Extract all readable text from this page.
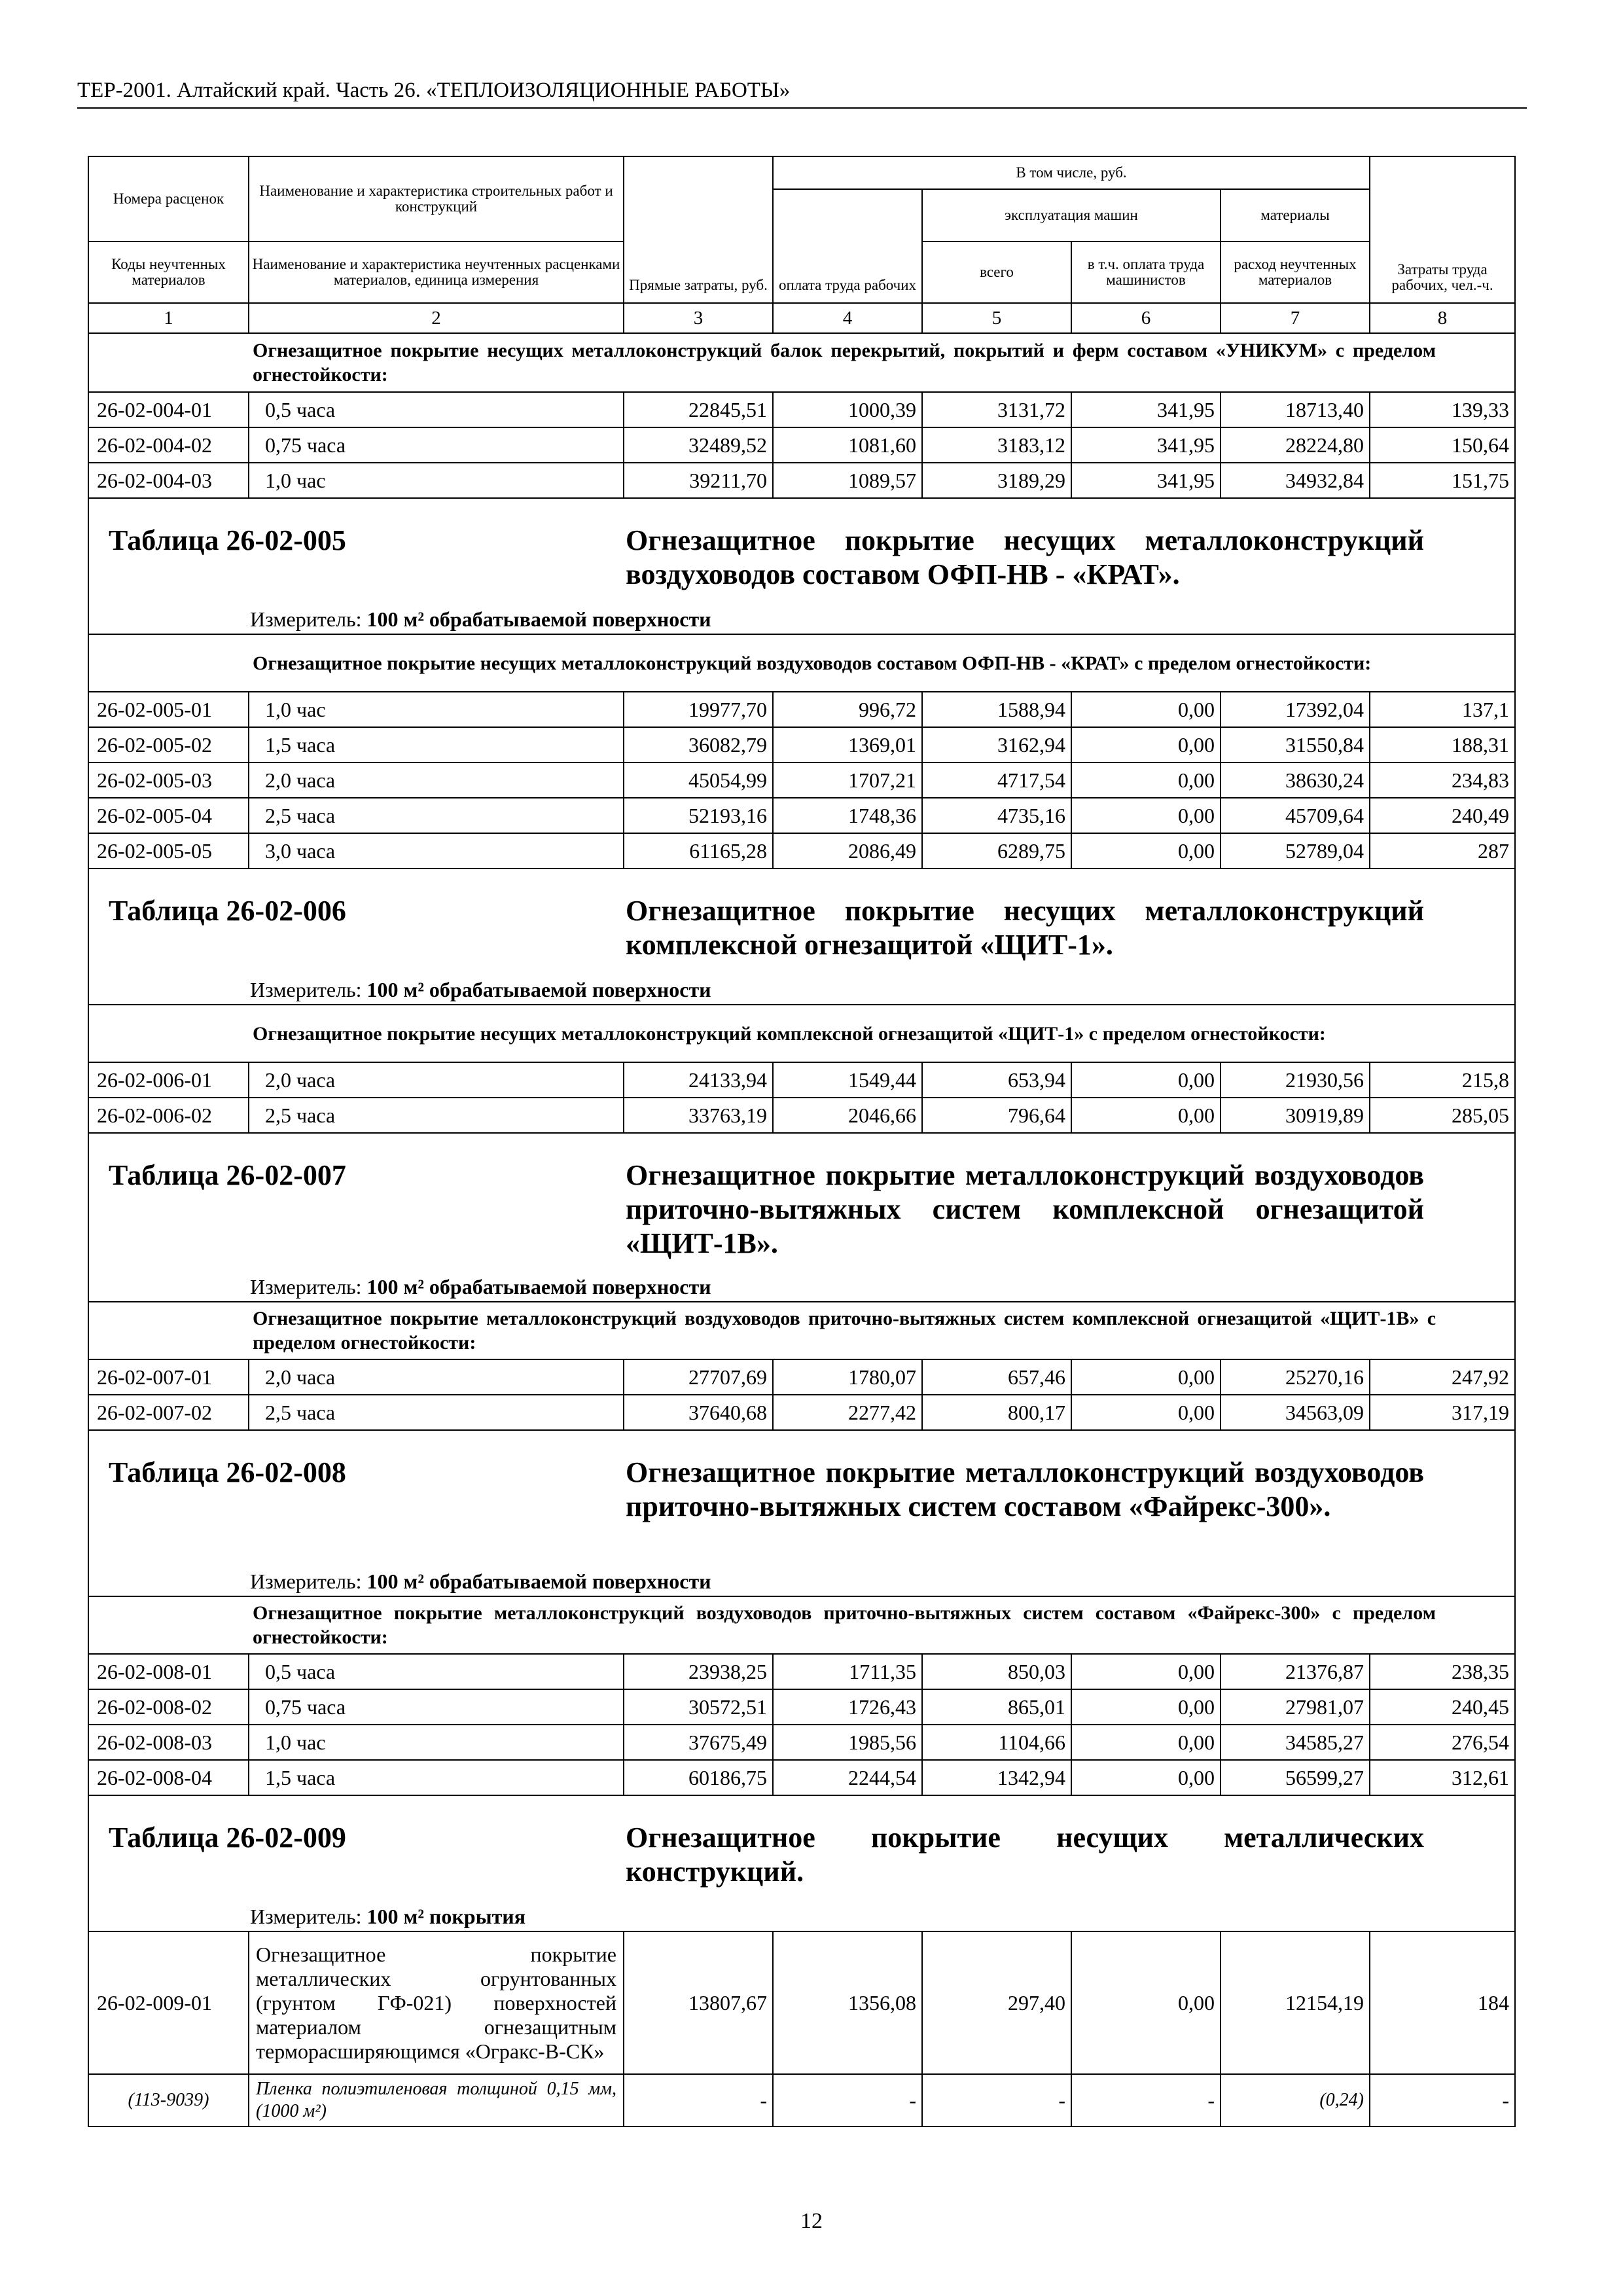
ТЕР-2001. Алтайский край. Часть 26. «ТЕПЛОИЗОЛЯЦИОННЫЕ РАБОТЫ»
Номера расценок	Наименование и характеристика строительных работ и конструкций	Прямые затраты, руб.	В том числе, руб.				Затраты труда рабочих, чел.-ч.
			оплата труда рабочих	эксплуатация машин		материалы	
Коды неучтенных материалов	Наименование и характеристика неучтенных расценками материалов, единица измерения			всего	в т.ч. оплата труда машинистов	расход неучтенных материалов	
1	2	3	4	5	6	7	8
	Огнезащитное покрытие несущих металлоконструкций балок перекрытий, покрытий и ферм составом «УНИКУМ» с пределом огнестойкости:						
26-02-004-01	0,5 часа	22845,51	1000,39	3131,72	341,95	18713,40	139,33
26-02-004-02	0,75 часа	32489,52	1081,60	3183,12	341,95	28224,80	150,64
26-02-004-03	1,0 час	39211,70	1089,57	3189,29	341,95	34932,84	151,75

Таблица 26-02-005 Огнезащитное покрытие несущих металлоконструкций воздуховодов составом ОФП-НВ - «КРАТ».
Измеритель: 100 м² обрабатываемой поверхности							

	Огнезащитное покрытие несущих металлоконструкций воздуховодов составом ОФП-НВ - «КРАТ» с пределом огнестойкости:						
26-02-005-01	1,0 час	19977,70	996,72	1588,94	0,00	17392,04	137,1
26-02-005-02	1,5 часа	36082,79	1369,01	3162,94	0,00	31550,84	188,31
26-02-005-03	2,0 часа	45054,99	1707,21	4717,54	0,00	38630,24	234,83
26-02-005-04	2,5 часа	52193,16	1748,36	4735,16	0,00	45709,64	240,49
26-02-005-05	3,0 часа	61165,28	2086,49	6289,75	0,00	52789,04	287

Таблица 26-02-006 Огнезащитное покрытие несущих металлоконструкций комплексной огнезащитой «ЩИТ-1».
Измеритель: 100 м² обрабатываемой поверхности							

	Огнезащитное покрытие несущих металлоконструкций комплексной огнезащитой «ЩИТ-1» с пределом огнестойкости:						
26-02-006-01	2,0 часа	24133,94	1549,44	653,94	0,00	21930,56	215,8
26-02-006-02	2,5 часа	33763,19	2046,66	796,64	0,00	30919,89	285,05

Таблица 26-02-007 Огнезащитное покрытие металлоконструкций воздуховодов приточно-вытяжных систем комплексной огнезащитой «ЩИТ-1В».
Измеритель: 100 м² обрабатываемой поверхности							

	Огнезащитное покрытие металлоконструкций воздуховодов приточно-вытяжных систем комплексной огнезащитой «ЩИТ-1В» с пределом огнестойкости:						
26-02-007-01	2,0 часа	27707,69	1780,07	657,46	0,00	25270,16	247,92
26-02-007-02	2,5 часа	37640,68	2277,42	800,17	0,00	34563,09	317,19

Таблица 26-02-008 Огнезащитное покрытие металлоконструкций воздуховодов приточно-вытяжных систем составом «Файрекс-300».
Измеритель: 100 м² обрабатываемой поверхности							

	Огнезащитное покрытие металлоконструкций воздуховодов приточно-вытяжных систем составом «Файрекс-300» с пределом огнестойкости:						
26-02-008-01	0,5 часа	23938,25	1711,35	850,03	0,00	21376,87	238,35
26-02-008-02	0,75 часа	30572,51	1726,43	865,01	0,00	27981,07	240,45
26-02-008-03	1,0 час	37675,49	1985,56	1104,66	0,00	34585,27	276,54
26-02-008-04	1,5 часа	60186,75	2244,54	1342,94	0,00	56599,27	312,61

Таблица 26-02-009 Огнезащитное покрытие несущих металлических конструкций.
Измеритель: 100 м² покрытия							

26-02-009-01	Огнезащитное покрытие металлических огрунтованных (грунтом ГФ-021) поверхностей материалом огнезащитным терморасширяющимся «Огракс-В-СК»	13807,67	1356,08	297,40	0,00	12154,19	184
(113-9039)	Пленка полиэтиленовая толщиной 0,15 мм, (1000 м²)	-	-	-	-	(0,24)	-
12
